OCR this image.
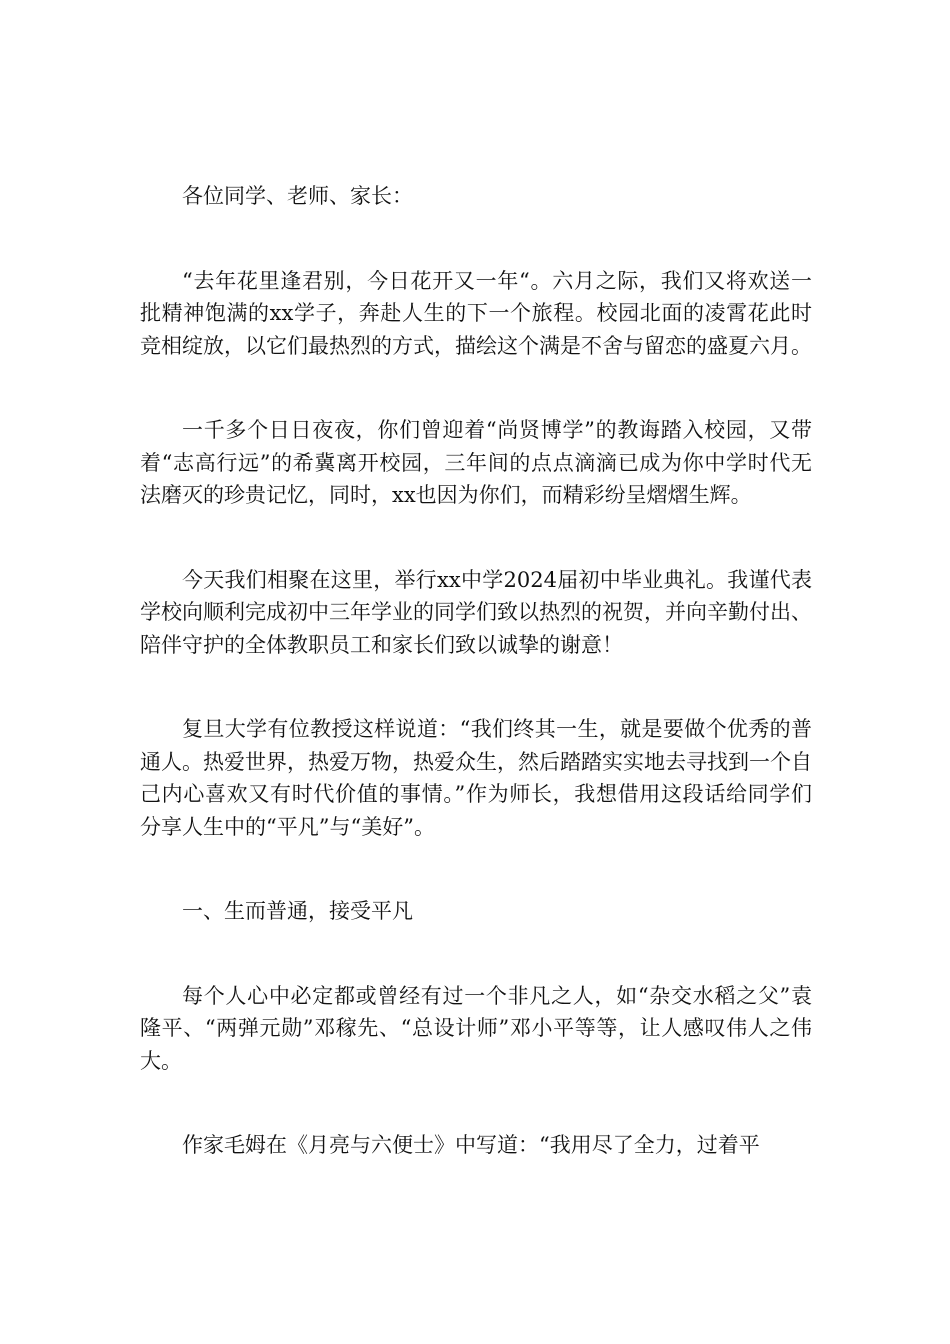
各位同学、老师、家长：

“去年花里逢君别，今日花开又一年“。六月之际，我们又将欢送一批精神饱满的xx学子，奔赴人生的下一个旅程。校园北面的凌霄花此时竞相绽放，以它们最热烈的方式，描绘这个满是不舍与留恋的盛夏六月。

一千多个日日夜夜，你们曾迎着“尚贤博学”的教诲踏入校园，又带着“志高行远”的希冀离开校园，三年间的点点滴滴已成为你中学时代无法磨灭的珍贵记忆，同时，xx也因为你们，而精彩纷呈熠熠生辉。

今天我们相聚在这里，举行xx中学2024届初中毕业典礼。我谨代表学校向顺利完成初中三年学业的同学们致以热烈的祝贺，并向辛勤付出、陪伴守护的全体教职员工和家长们致以诚挚的谢意！

复旦大学有位教授这样说道：“我们终其一生，就是要做个优秀的普通人。热爱世界，热爱万物，热爱众生，然后踏踏实实地去寻找到一个自己内心喜欢又有时代价值的事情。”作为师长，我想借用这段话给同学们分享人生中的“平凡”与“美好”。

一、生而普通，接受平凡

每个人心中必定都或曾经有过一个非凡之人，如“杂交水稻之父”袁隆平、“两弹元勋”邓稼先、“总设计师”邓小平等等，让人感叹伟人之伟大。

作家毛姆在《月亮与六便士》中写道：“我用尽了全力，过着平
